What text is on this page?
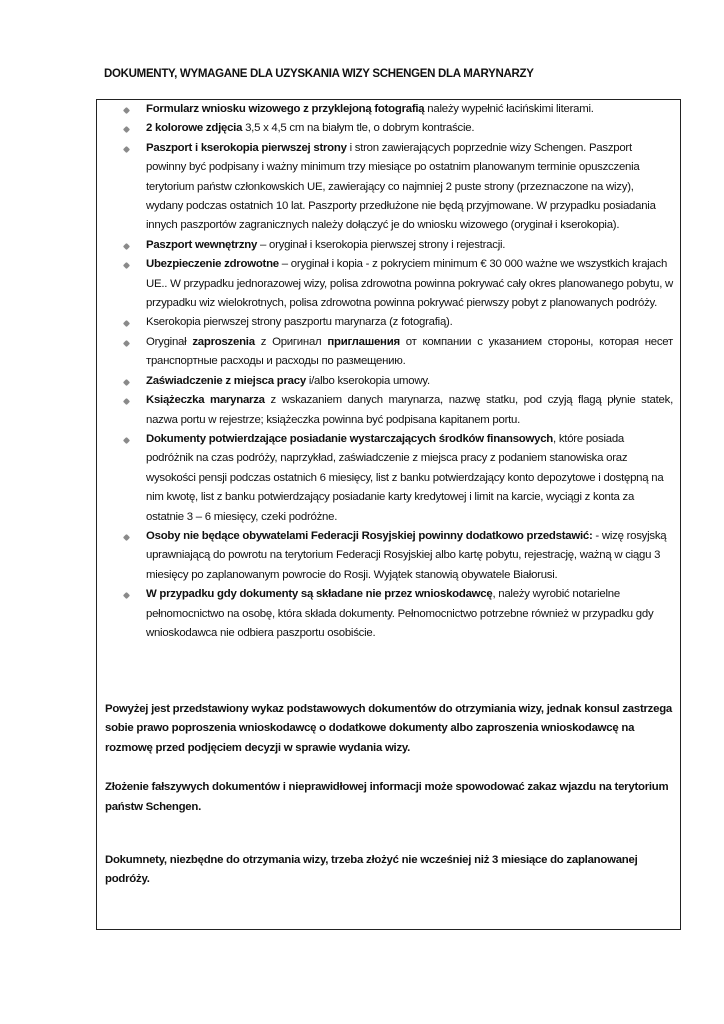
DOKUMENTY, WYMAGANE DLA UZYSKANIA WIZY SCHENGEN DLA MARYNARZY
Formularz wniosku wizowego z przyklejoną fotografią należy wypełnić łacińskimi literami.
2 kolorowe zdjęcia 3,5 x 4,5 cm na białym tle, o dobrym kontraście.
Paszport i kserokopia pierwszej strony i stron zawierających poprzednie wizy Schengen. Paszport powinny być podpisany i ważny minimum trzy miesiące po ostatnim planowanym terminie opuszczenia terytorium państw członkowskich UE, zawierający co najmniej 2 puste strony (przeznaczone na wizy), wydany podczas ostatnich 10 lat. Paszporty przedłużone nie będą przyjmowane. W przypadku posiadania innych paszportów zagranicznych należy dołączyć je do wniosku wizowego (oryginał i kserokopia).
Paszport wewnętrzny – oryginał i kserokopia pierwszej strony i rejestracji.
Ubezpieczenie zdrowotne – oryginał i kopia - z pokryciem minimum € 30 000 ważne we wszystkich krajach UE.. W przypadku jednorazowej wizy, polisa zdrowotna powinna pokrywać cały okres planowanego pobytu, w przypadku wiz wielokrotnych, polisa zdrowotna powinna pokrywać pierwszy pobyt z planowanych podróży.
Kserokopia pierwszej strony paszportu marynarza (z fotografią).
Oryginał zaproszenia z Оригинал приглашения от компании с указанием стороны, которая несет транспортные расходы и расходы по размещению.
Zaświadczenie z miejsca pracy i/albo kserokopia umowy.
Książeczka marynarza z wskazaniem danych marynarza, nazwę statku, pod czyją flagą płynie statek, nazwa portu w rejestrze; książeczka powinna być podpisana kapitanem portu.
Dokumenty potwierdzające posiadanie wystarczających środków finansowych, które posiada podróżnik na czas podróży, naprzykład, zaświadczenie z miejsca pracy z podaniem stanowiska oraz wysokości pensji podczas ostatnich 6 miesięcy, list z banku potwierdzający konto depozytowe i dostępną na nim kwotę, list z banku potwierdzający posiadanie karty kredytowej i limit na karcie, wyciągi z konta za ostatnie 3 – 6 miesięcy, czeki podróżne.
Osoby nie będące obywatelami Federacji Rosyjskiej powinny dodatkowo przedstawić: - wizę rosyjską uprawniającą do powrotu na terytorium Federacji Rosyjskiej albo kartę pobytu, rejestrację, ważną w ciągu 3 miesięcy po zaplanowanym powrocie do Rosji. Wyjątek stanowią obywatele Białorusi.
W przypadku gdy dokumenty są składane nie przez wnioskodawcę, należy wyrobić notarielne pełnomocnictwo na osobę, która składa dokumenty. Pełnomocnictwo potrzebne również w przypadku gdy wnioskodawca nie odbiera paszportu osobiście.

Powyżej jest przedstawiony wykaz podstawowych dokumentów do otrzymiania wizy, jednak konsul zastrzega sobie prawo poproszenia wnioskodawcę o dodatkowe dokumenty albo zaproszenia wnioskodawcę na rozmowę przed podjęciem decyzji w sprawie wydania wizy.

Złożenie fałszywych dokumentów i nieprawidłowej informacji może spowodować zakaz wjazdu na terytorium państw Schengen.

Dokumnety, niezbędne do otrzymania wizy, trzeba złożyć nie wcześniej niż 3 miesiące do zaplanowanej podróży.
